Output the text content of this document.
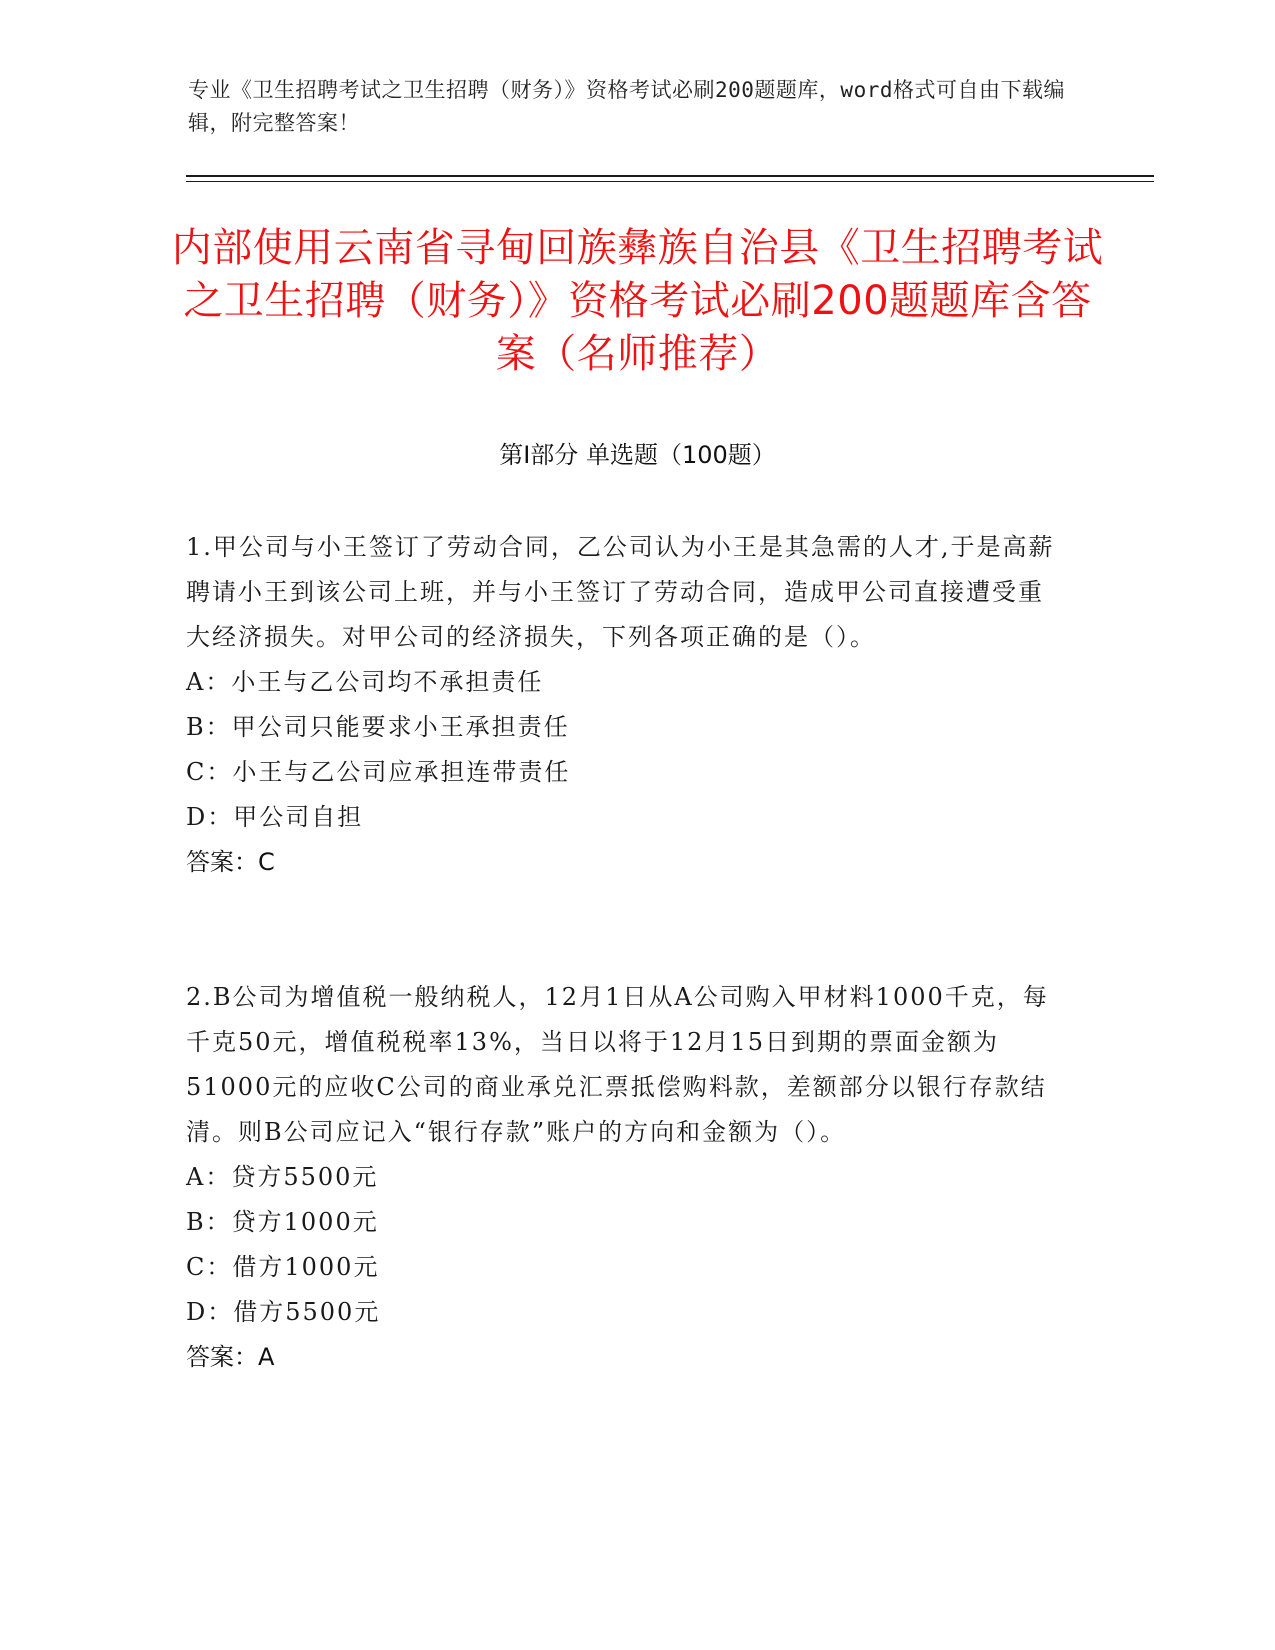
专业《卫生招聘考试之卫生招聘（财务）》资格考试必刷200题题库，word格式可自由下载编辑，附完整答案！
内部使用云南省寻甸回族彝族自治县《卫生招聘考试之卫生招聘（财务）》资格考试必刷200题题库含答案（名师推荐）
第Ⅰ部分 单选题（100题）

1.甲公司与小王签订了劳动合同，乙公司认为小王是其急需的人才,于是高薪聘请小王到该公司上班，并与小王签订了劳动合同，造成甲公司直接遭受重大经济损失。对甲公司的经济损失，下列各项正确的是（）。

A：小王与乙公司均不承担责任

B：甲公司只能要求小王承担责任

C：小王与乙公司应承担连带责任

D：甲公司自担

答案：C

2.B公司为增值税一般纳税人，12月1日从A公司购入甲材料1000千克，每千克50元，增值税税率13%，当日以将于12月15日到期的票面金额为51000元的应收C公司的商业承兑汇票抵偿购料款，差额部分以银行存款结清。则B公司应记入“银行存款”账户的方向和金额为（）。

A：贷方5500元

B：贷方1000元

C：借方1000元

D：借方5500元

答案：A
